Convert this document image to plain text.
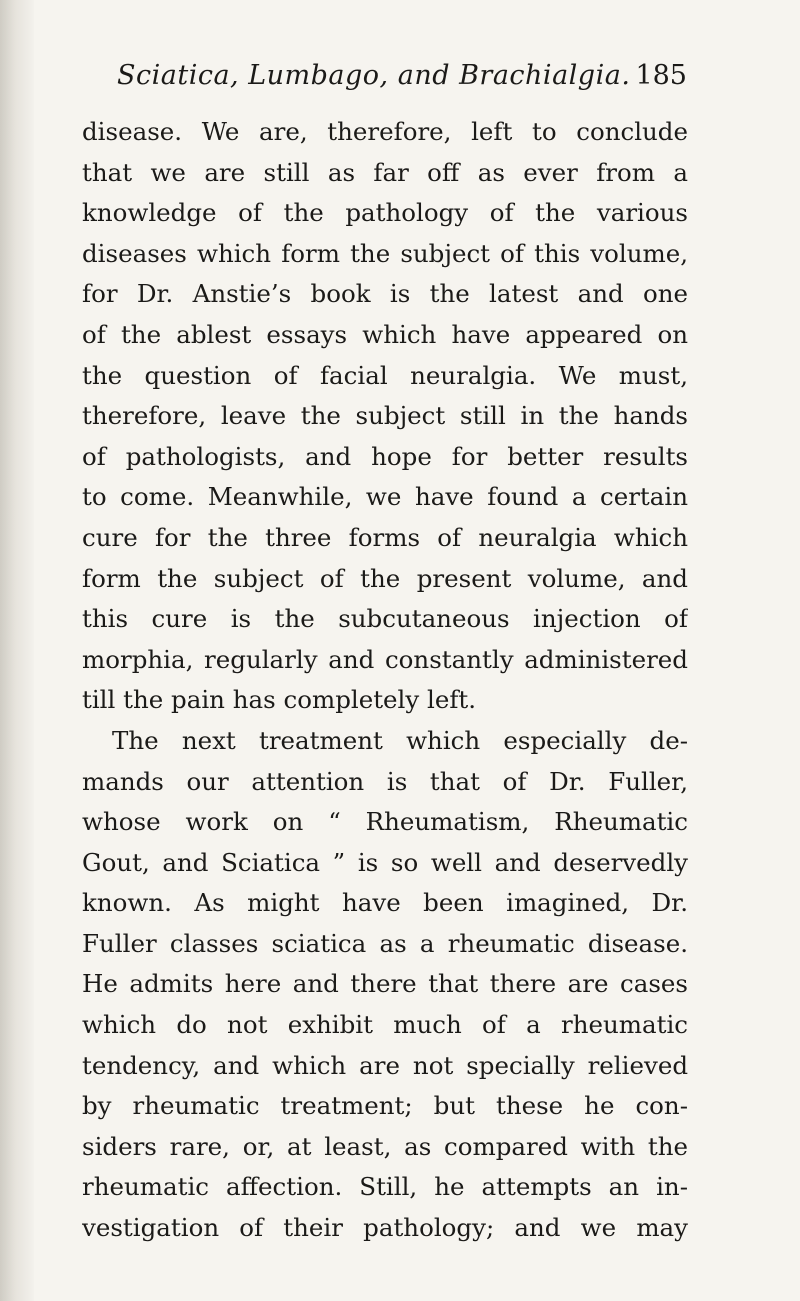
Sciatica, Lumbago, and Brachialgia. 185
disease. We are, therefore, left to conclude
that we are still as far off as ever from a
knowledge of the pathology of the various
diseases which form the subject of this volume,
for Dr. Anstie’s book is the latest and one
of the ablest essays which have appeared on
the question of facial neuralgia. We must,
therefore, leave the subject still in the hands
of pathologists, and hope for better results
to come. Meanwhile, we have found a certain
cure for the three forms of neuralgia which
form the subject of the present volume, and
this cure is the subcutaneous injection of
morphia, regularly and constantly administered
till the pain has completely left.
The next treatment which especially de-
mands our attention is that of Dr. Fuller,
whose work on “ Rheumatism, Rheumatic
Gout, and Sciatica ” is so well and deservedly
known. As might have been imagined, Dr.
Fuller classes sciatica as a rheumatic disease.
He admits here and there that there are cases
which do not exhibit much of a rheumatic
tendency, and which are not specially relieved
by rheumatic treatment; but these he con-
siders rare, or, at least, as compared with the
rheumatic affection. Still, he attempts an in-
vestigation of their pathology; and we may
